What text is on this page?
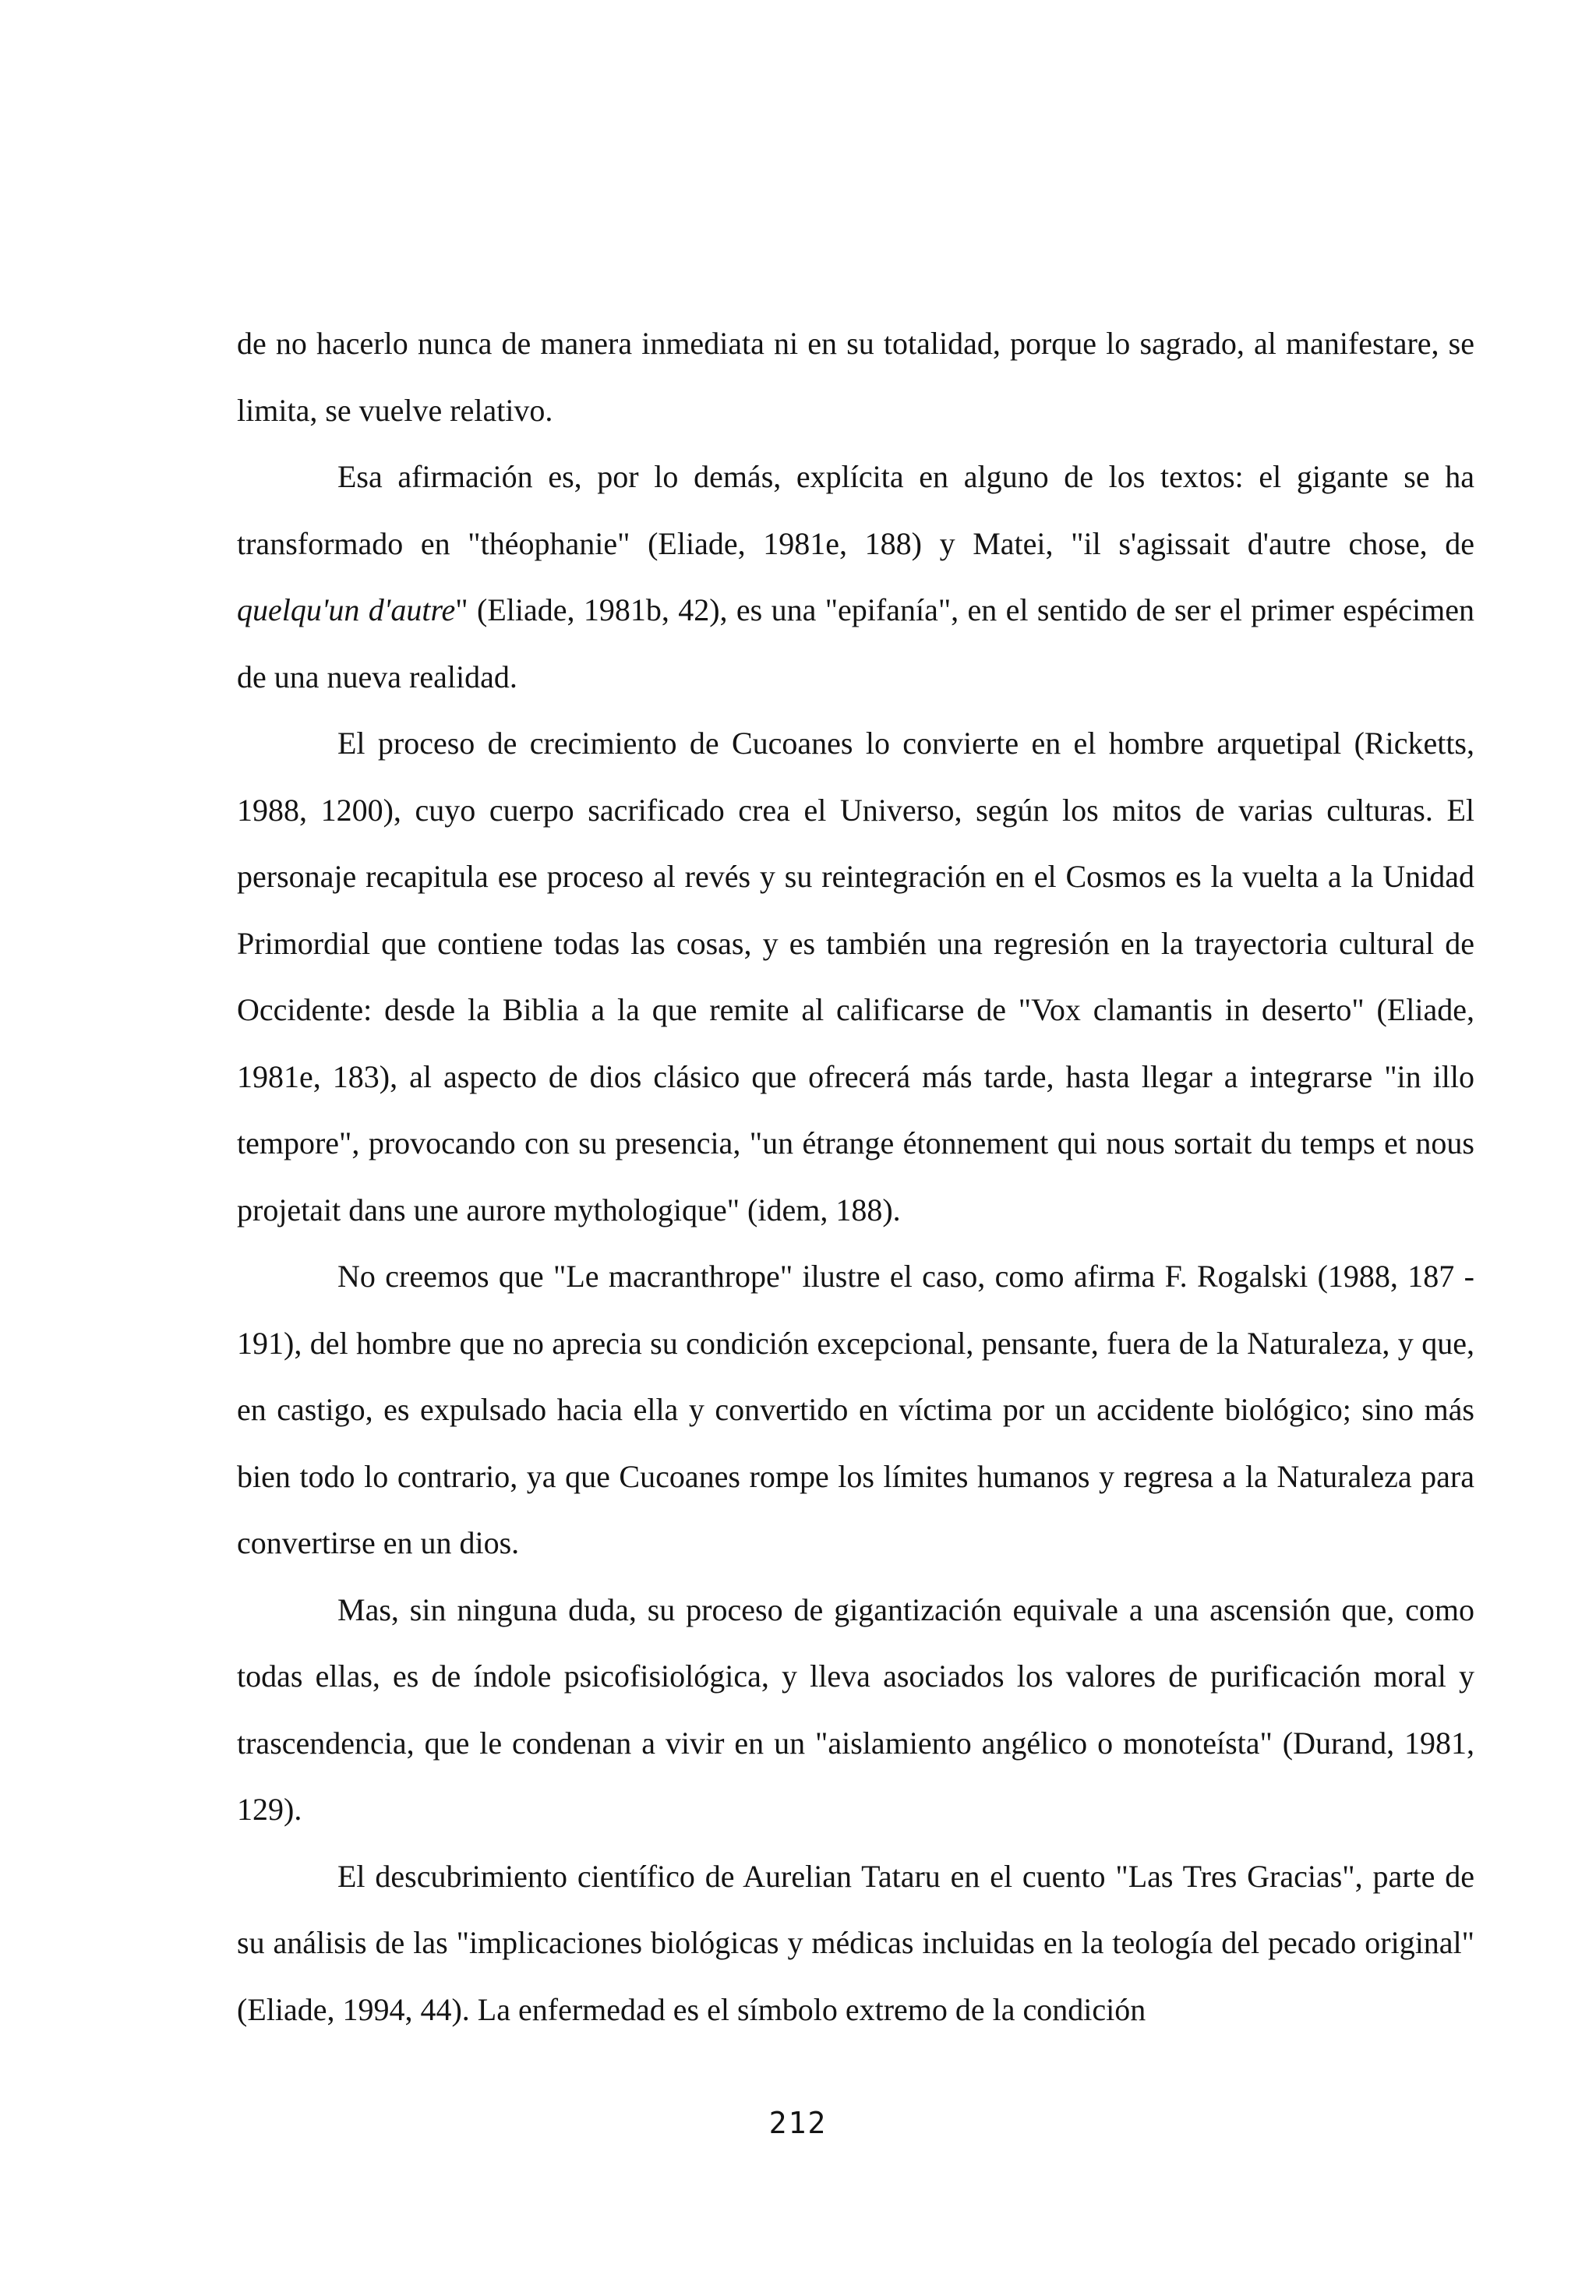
de no hacerlo nunca de manera inmediata ni en su totalidad, porque lo sagrado, al manifestare, se limita, se vuelve relativo.

Esa afirmación es, por lo demás, explícita en alguno de los textos: el gigante se ha transformado en "théophanie" (Eliade, 1981e, 188) y Matei, "il s'agissait d'autre chose, de quelqu'un d'autre" (Eliade, 1981b, 42), es una "epifanía", en el sentido de ser el primer espécimen de una nueva realidad.

El proceso de crecimiento de Cucoanes lo convierte en el hombre arquetipal (Ricketts, 1988, 1200), cuyo cuerpo sacrificado crea el Universo, según los mitos de varias culturas. El personaje recapitula ese proceso al revés y su reintegración en el Cosmos es la vuelta a la Unidad Primordial que contiene todas las cosas, y es también una regresión en la trayectoria cultural de Occidente: desde la Biblia a la que remite al calificarse de "Vox clamantis in deserto" (Eliade, 1981e, 183), al aspecto de dios clásico que ofrecerá más tarde, hasta llegar a integrarse "in illo tempore", provocando con su presencia, "un étrange étonnement qui nous sortait du temps et nous projetait dans une aurore mythologique" (idem, 188).

No creemos que "Le macranthrope" ilustre el caso, como afirma F. Rogalski (1988, 187 - 191), del hombre que no aprecia su condición excepcional, pensante, fuera de la Naturaleza, y que, en castigo, es expulsado hacia ella y convertido en víctima por un accidente biológico; sino más bien todo lo contrario, ya que Cucoanes rompe los límites humanos y regresa a la Naturaleza para convertirse en un dios.

Mas, sin ninguna duda, su proceso de gigantización equivale a una ascensión que, como todas ellas, es de índole psicofisiológica, y lleva asociados los valores de purificación moral y trascendencia, que le condenan a vivir en un "aislamiento angélico o monoteísta" (Durand, 1981, 129).

El descubrimiento científico de Aurelian Tataru en el cuento "Las Tres Gracias", parte de su análisis de las "implicaciones biológicas y médicas incluidas en la teología del pecado original" (Eliade, 1994, 44). La enfermedad es el símbolo extremo de la condición

212
